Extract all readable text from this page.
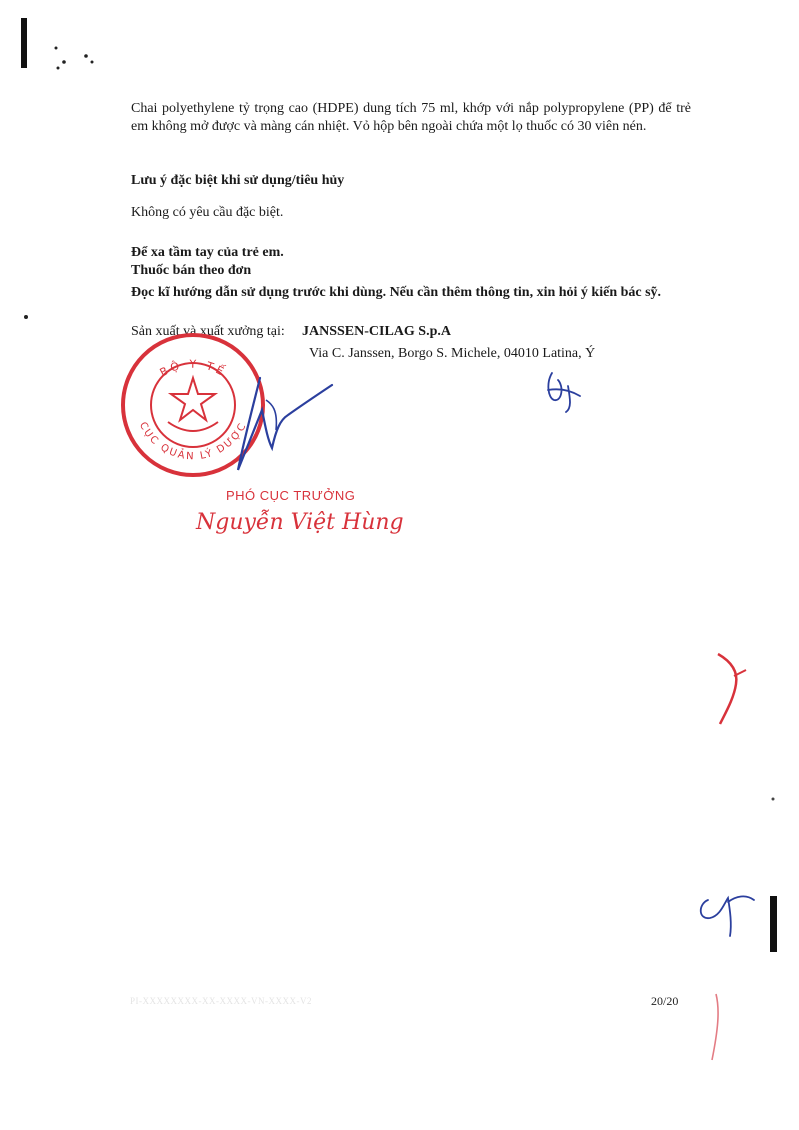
Chai polyethylene tỷ trọng cao (HDPE) dung tích 75 ml, khớp với nắp polypropylene (PP) để trẻ em không mở được và màng cán nhiệt. Vỏ hộp bên ngoài chứa một lọ thuốc có 30 viên nén.

Lưu ý đặc biệt khi sử dụng/tiêu hủy
Không có yêu cầu đặc biệt.
Để xa tầm tay của trẻ em.
Thuốc bán theo đơn
Đọc kĩ hướng dẫn sử dụng trước khi dùng. Nếu cần thêm thông tin, xin hỏi ý kiến bác sỹ.
Sản xuất và xuất xưởng tại: JANSSEN-CILAG S.p.A
Via C. Janssen, Borgo S. Michele, 04010 Latina, Ý
BỘ Y TẾ
CỤC QUẢN LÝ DƯỢC
PHÓ CỤC TRƯỞNG
Nguyễn Việt Hùng
PI-XXXXXXXX-XX-XXXX-VN-XXXX-V2	20/20
